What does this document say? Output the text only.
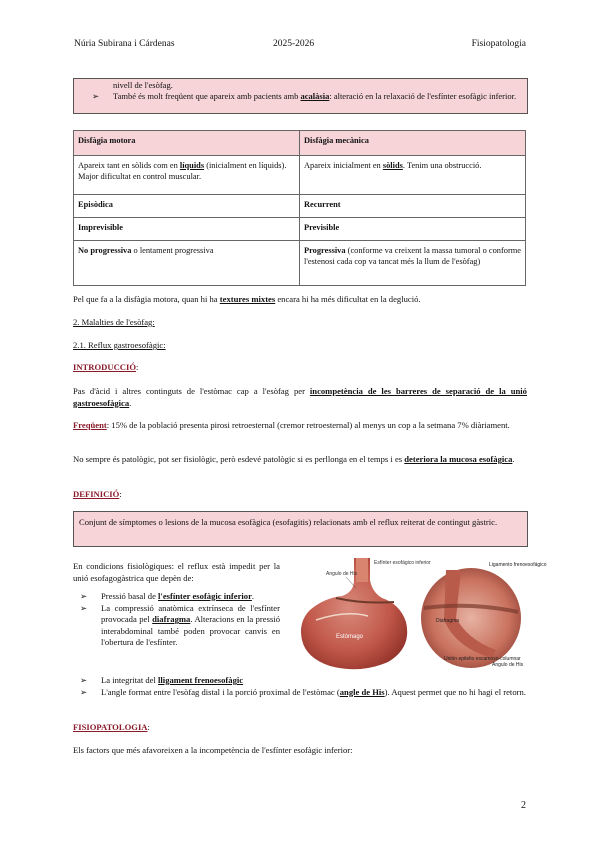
Núria Subirana i Cárdenas	2025-2026	Fisiopatologia
nivell de l'esòfag.
➢ També és molt freqüent que apareix amb pacients amb acalàsia: alteració en la relaxació de l'esfínter esofàgic inferior.
Disfàgia motora	Disfàgia mecànica
Apareix tant en sòlids com en líquids (inicialment en líquids). Major dificultat en control muscular.	Apareix inicialment en sòlids. Tenim una obstrucció.
Episòdica	Recurrent
Imprevisible	Previsible
No progressiva o lentament progressiva	Progressiva (conforme va creixent la massa tumoral o conforme l'estenosi cada cop va tancat més la llum de l'esòfag)

Pel que fa a la disfàgia motora, quan hi ha textures mixtes encara hi ha més dificultat en la deglució.

2. Malalties de l'esòfag:

2.1. Reflux gastroesofàgic:

INTRODUCCIÓ:

Pas d'àcid i altres continguts de l'estòmac cap a l'esòfag per incompetència de les barreres de separació de la unió gastroesofàgica.

Freqüent: 15% de la població presenta pirosi retroesternal (cremor retroesternal) al menys un cop a la setmana 7% diàriament.

No sempre és patològic, pot ser fisiològic, però esdevé patològic si es perllonga en el temps i es deteriora la mucosa esofàgica.

DEFINICIÓ:

Conjunt de símptomes o lesions de la mucosa esofàgica (esofagitis) relacionats amb el reflux reiterat de contingut gàstric.

En condicions fisiològiques: el reflux està impedit per la unió esofagogàstrica que depèn de:

➢ Pressió basal de l'esfínter esofàgic inferior.
➢ La compressió anatòmica extrínseca de l'esfínter provocada pel diafragma. Alteracions en la pressió interabdominal també poden provocar canvis en l'obertura de l'esfínter.
➢ La integritat del lligament frenoesofàgic
➢ L'angle format entre l'esòfag distal i la porció proximal de l'estòmac (angle de His). Aquest permet que no hi hagi el retorn.
Estómago
Angulo de His
Esfínter esofágico inferior
Diafragma
Ligamento frenoesofágico
Unión epitelio escamoso-columnar
Ángulo de His

FISIOPATOLOGIA:

Els factors que més afavoreixen a la incompetència de l'esfínter esofàgic inferior:

2
